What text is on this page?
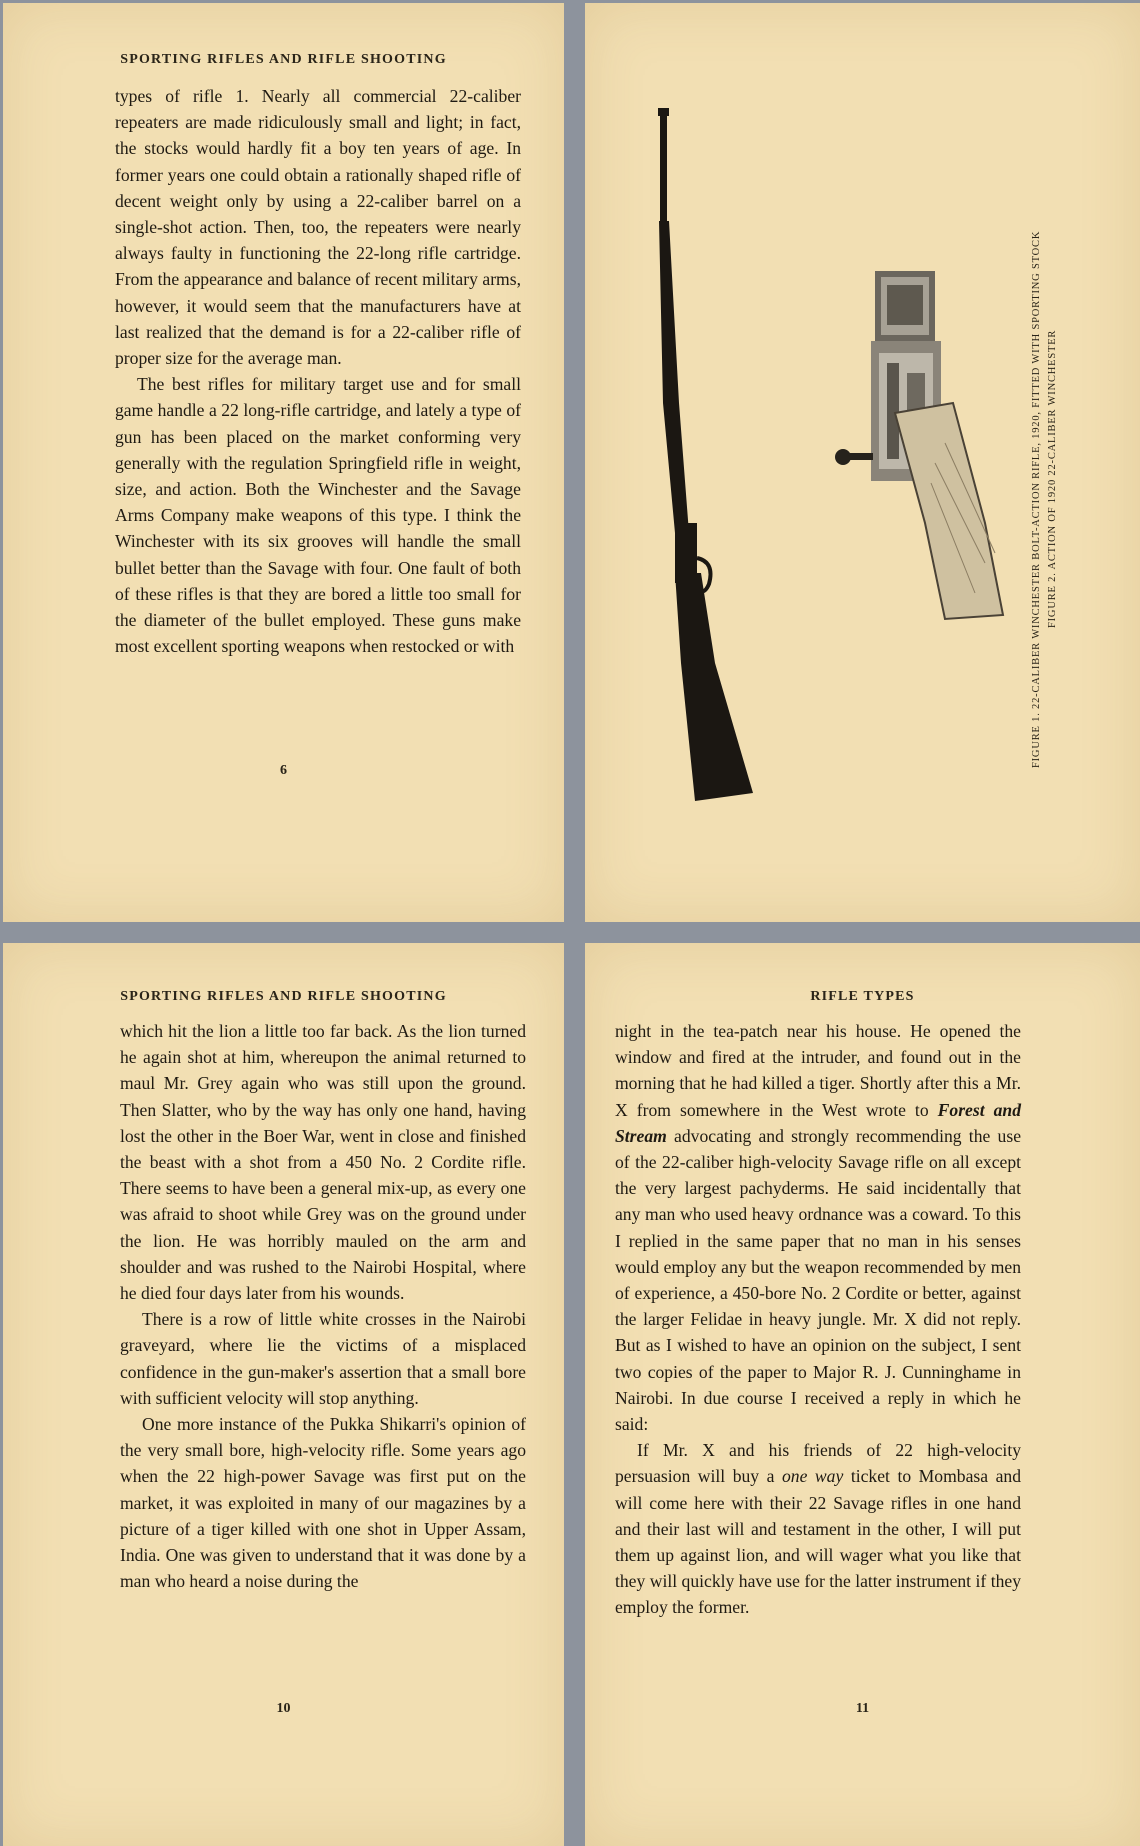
SPORTING RIFLES AND RIFLE SHOOTING

types of rifle 1. Nearly all commercial 22-caliber repeaters are made ridiculously small and light; in fact, the stocks would hardly fit a boy ten years of age. In former years one could obtain a rationally shaped rifle of decent weight only by using a 22-caliber barrel on a single-shot action. Then, too, the repeaters were nearly always faulty in functioning the 22-long rifle cartridge. From the appearance and balance of recent military arms, however, it would seem that the manufacturers have at last realized that the demand is for a 22-caliber rifle of proper size for the average man.

The best rifles for military target use and for small game handle a 22 long-rifle cartridge, and lately a type of gun has been placed on the market conforming very generally with the regulation Springfield rifle in weight, size, and action. Both the Winchester and the Savage Arms Company make weapons of this type. I think the Winchester with its six grooves will handle the small bullet better than the Savage with four. One fault of both of these rifles is that they are bored a little too small for the diameter of the bullet employed. These guns make most excellent sporting weapons when restocked or with

6
FIGURE 1. 22-CALIBER WINCHESTER BOLT-ACTION RIFLE, 1920, FITTED WITH SPORTING STOCK FIGURE 2. ACTION OF 1920 22-CALIBER WINCHESTER
SPORTING RIFLES AND RIFLE SHOOTING

which hit the lion a little too far back. As the lion turned he again shot at him, whereupon the animal returned to maul Mr. Grey again who was still upon the ground. Then Slatter, who by the way has only one hand, having lost the other in the Boer War, went in close and finished the beast with a shot from a 450 No. 2 Cordite rifle. There seems to have been a general mix-up, as every one was afraid to shoot while Grey was on the ground under the lion. He was horribly mauled on the arm and shoulder and was rushed to the Nairobi Hospital, where he died four days later from his wounds.

There is a row of little white crosses in the Nairobi graveyard, where lie the victims of a misplaced confidence in the gun-maker's assertion that a small bore with sufficient velocity will stop anything.

One more instance of the Pukka Shikarri's opinion of the very small bore, high-velocity rifle. Some years ago when the 22 high-power Savage was first put on the market, it was exploited in many of our magazines by a picture of a tiger killed with one shot in Upper Assam, India. One was given to understand that it was done by a man who heard a noise during the

10
RIFLE TYPES

night in the tea-patch near his house. He opened the window and fired at the intruder, and found out in the morning that he had killed a tiger. Shortly after this a Mr. X from somewhere in the West wrote to Forest and Stream advocating and strongly recommending the use of the 22-caliber high-velocity Savage rifle on all except the very largest pachyderms. He said incidentally that any man who used heavy ordnance was a coward. To this I replied in the same paper that no man in his senses would employ any but the weapon recommended by men of experience, a 450-bore No. 2 Cordite or better, against the larger Felidae in heavy jungle. Mr. X did not reply. But as I wished to have an opinion on the subject, I sent two copies of the paper to Major R. J. Cunninghame in Nairobi. In due course I received a reply in which he said:

If Mr. X and his friends of 22 high-velocity persuasion will buy a one way ticket to Mombasa and will come here with their 22 Savage rifles in one hand and their last will and testament in the other, I will put them up against lion, and will wager what you like that they will quickly have use for the latter instrument if they employ the former.

11
